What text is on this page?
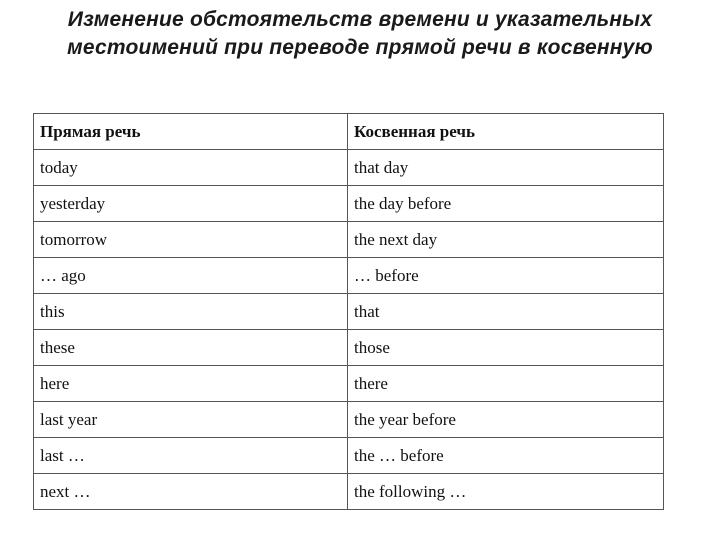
Изменение обстоятельств времени и указательных
местоимений при переводе прямой речи в косвенную
Прямая речь	Косвенная речь
today	that day
yesterday	the day before
tomorrow	the next day
… ago	… before
this	that
these	those
here	there
last year	the year before
last …	the … before
next …	the following …
